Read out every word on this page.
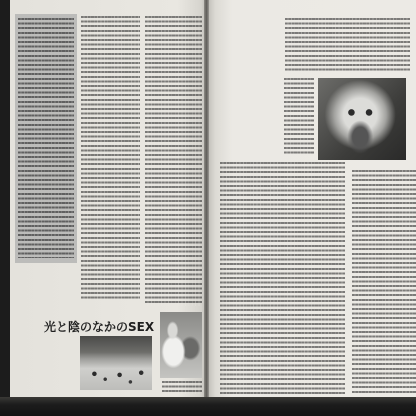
光と陰のなかのSEX
